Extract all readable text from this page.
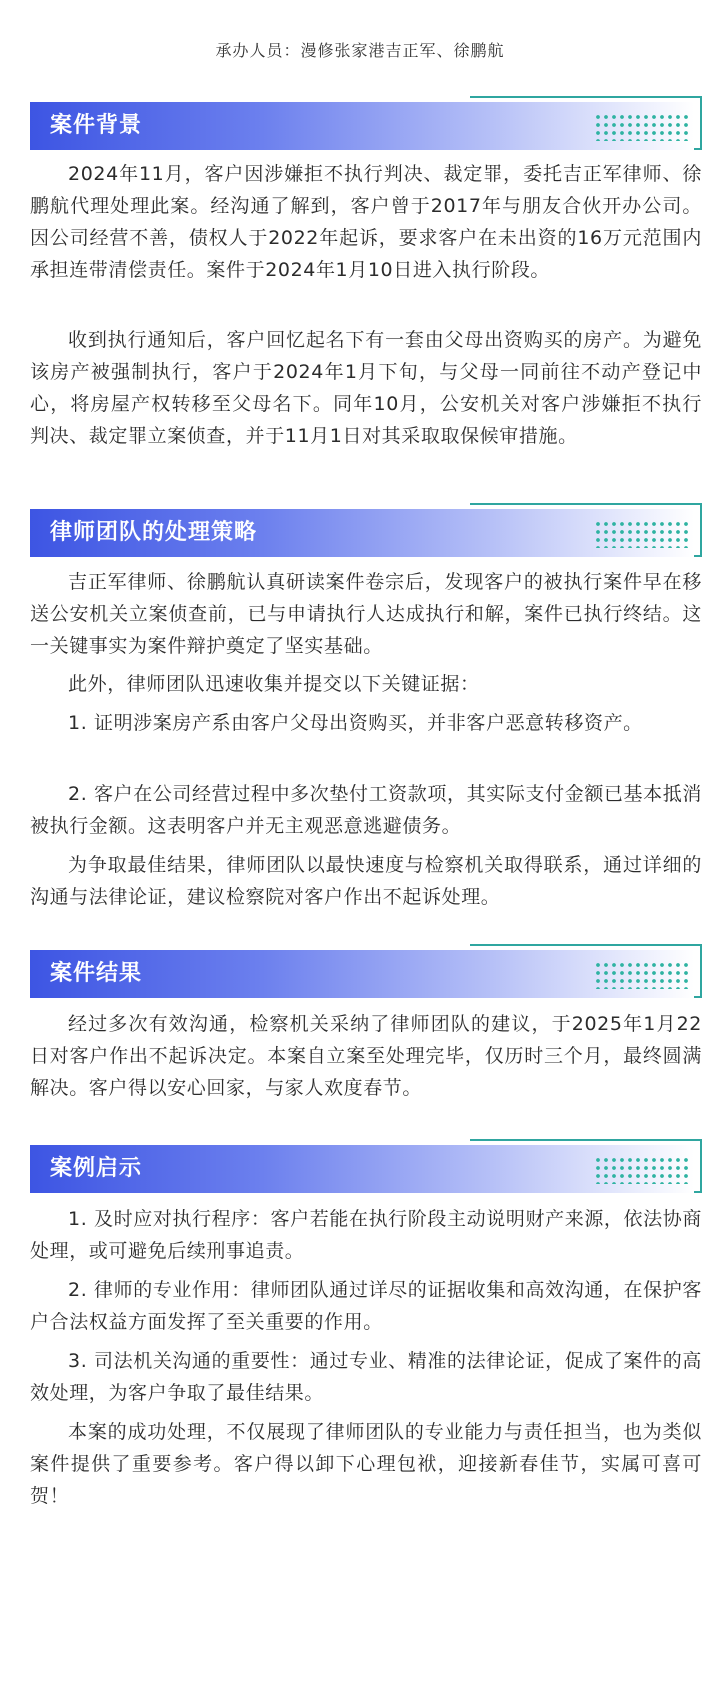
承办人员：漫修张家港吉正军、徐鹏航
案件背景

2024年11月，客户因涉嫌拒不执行判决、裁定罪，委托吉正军律师、徐鹏航代理处理此案。经沟通了解到，客户曾于2017年与朋友合伙开办公司。因公司经营不善，债权人于2022年起诉，要求客户在未出资的16万元范围内承担连带清偿责任。案件于2024年1月10日进入执行阶段。

收到执行通知后，客户回忆起名下有一套由父母出资购买的房产。为避免该房产被强制执行，客户于2024年1月下旬，与父母一同前往不动产登记中心，将房屋产权转移至父母名下。同年10月，公安机关对客户涉嫌拒不执行判决、裁定罪立案侦查，并于11月1日对其采取取保候审措施。

律师团队的处理策略

吉正军律师、徐鹏航认真研读案件卷宗后，发现客户的被执行案件早在移送公安机关立案侦查前，已与申请执行人达成执行和解，案件已执行终结。这一关键事实为案件辩护奠定了坚实基础。

此外，律师团队迅速收集并提交以下关键证据：

1. 证明涉案房产系由客户父母出资购买，并非客户恶意转移资产。

2. 客户在公司经营过程中多次垫付工资款项，其实际支付金额已基本抵消被执行金额。这表明客户并无主观恶意逃避债务。

为争取最佳结果，律师团队以最快速度与检察机关取得联系，通过详细的沟通与法律论证，建议检察院对客户作出不起诉处理。

案件结果

经过多次有效沟通，检察机关采纳了律师团队的建议，于2025年1月22日对客户作出不起诉决定。本案自立案至处理完毕，仅历时三个月，最终圆满解决。客户得以安心回家，与家人欢度春节。

案例启示

1. 及时应对执行程序：客户若能在执行阶段主动说明财产来源，依法协商处理，或可避免后续刑事追责。

2. 律师的专业作用：律师团队通过详尽的证据收集和高效沟通，在保护客户合法权益方面发挥了至关重要的作用。

3. 司法机关沟通的重要性：通过专业、精准的法律论证，促成了案件的高效处理，为客户争取了最佳结果。

本案的成功处理，不仅展现了律师团队的专业能力与责任担当，也为类似案件提供了重要参考。客户得以卸下心理包袱，迎接新春佳节，实属可喜可贺！
